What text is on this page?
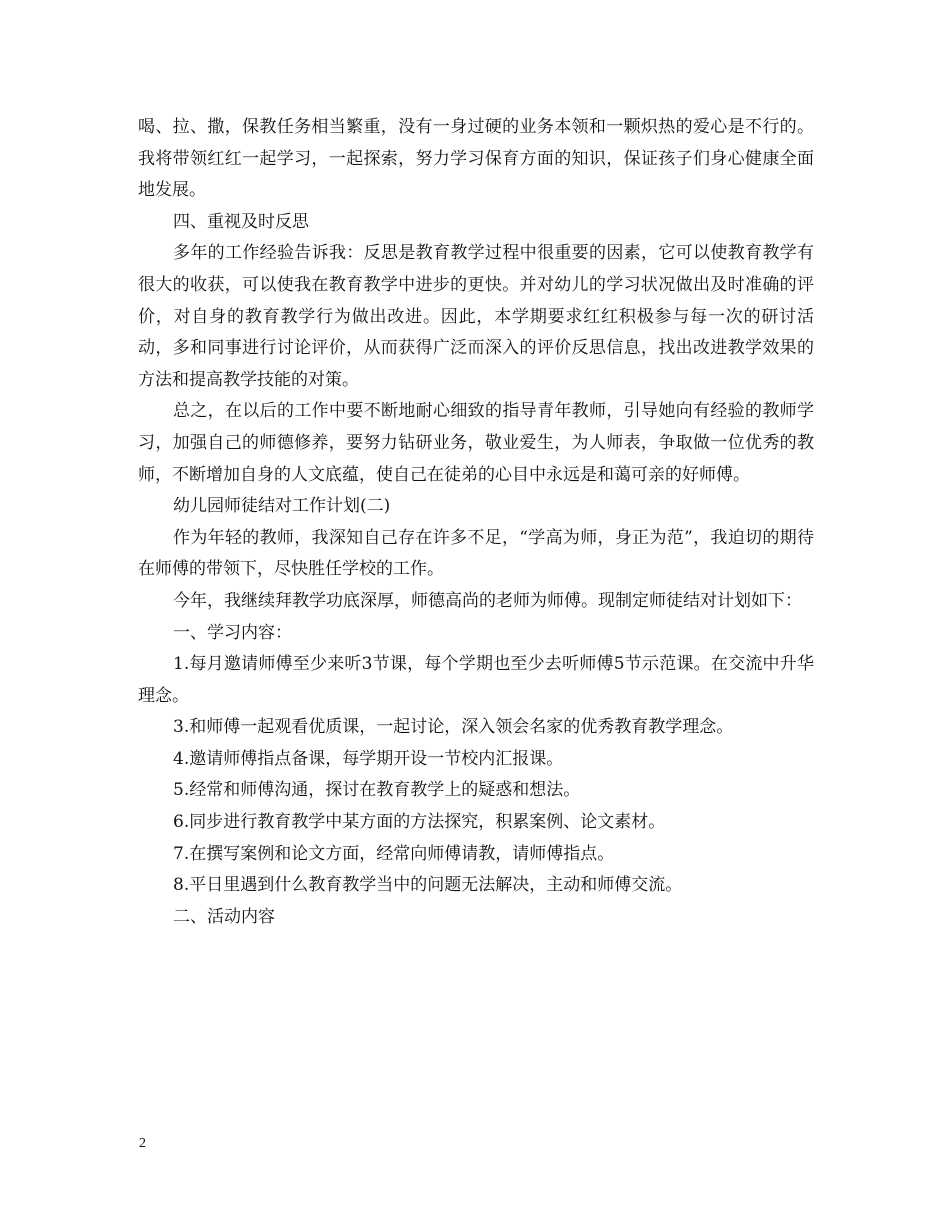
喝、拉、撒，保教任务相当繁重，没有一身过硬的业务本领和一颗炽热的爱心是不行的。我将带领红红一起学习，一起探索，努力学习保育方面的知识，保证孩子们身心健康全面地发展。

四、重视及时反思

多年的工作经验告诉我：反思是教育教学过程中很重要的因素，它可以使教育教学有很大的收获，可以使我在教育教学中进步的更快。并对幼儿的学习状况做出及时准确的评价，对自身的教育教学行为做出改进。因此，本学期要求红红积极参与每一次的研讨活动，多和同事进行讨论评价，从而获得广泛而深入的评价反思信息，找出改进教学效果的方法和提高教学技能的对策。

总之，在以后的工作中要不断地耐心细致的指导青年教师，引导她向有经验的教师学习，加强自己的师德修养，要努力钻研业务，敬业爱生，为人师表，争取做一位优秀的教师，不断增加自身的人文底蕴，使自己在徒弟的心目中永远是和蔼可亲的好师傅。

幼儿园师徒结对工作计划(二)

作为年轻的教师，我深知自己存在许多不足，“学高为师，身正为范”，我迫切的期待在师傅的带领下，尽快胜任学校的工作。

今年，我继续拜教学功底深厚，师德高尚的老师为师傅。现制定师徒结对计划如下：

一、学习内容：

1.每月邀请师傅至少来听3节课，每个学期也至少去听师傅5节示范课。在交流中升华理念。

3.和师傅一起观看优质课，一起讨论，深入领会名家的优秀教育教学理念。

4.邀请师傅指点备课，每学期开设一节校内汇报课。

5.经常和师傅沟通，探讨在教育教学上的疑惑和想法。

6.同步进行教育教学中某方面的方法探究，积累案例、论文素材。

7.在撰写案例和论文方面，经常向师傅请教，请师傅指点。

8.平日里遇到什么教育教学当中的问题无法解决，主动和师傅交流。

二、活动内容

2
